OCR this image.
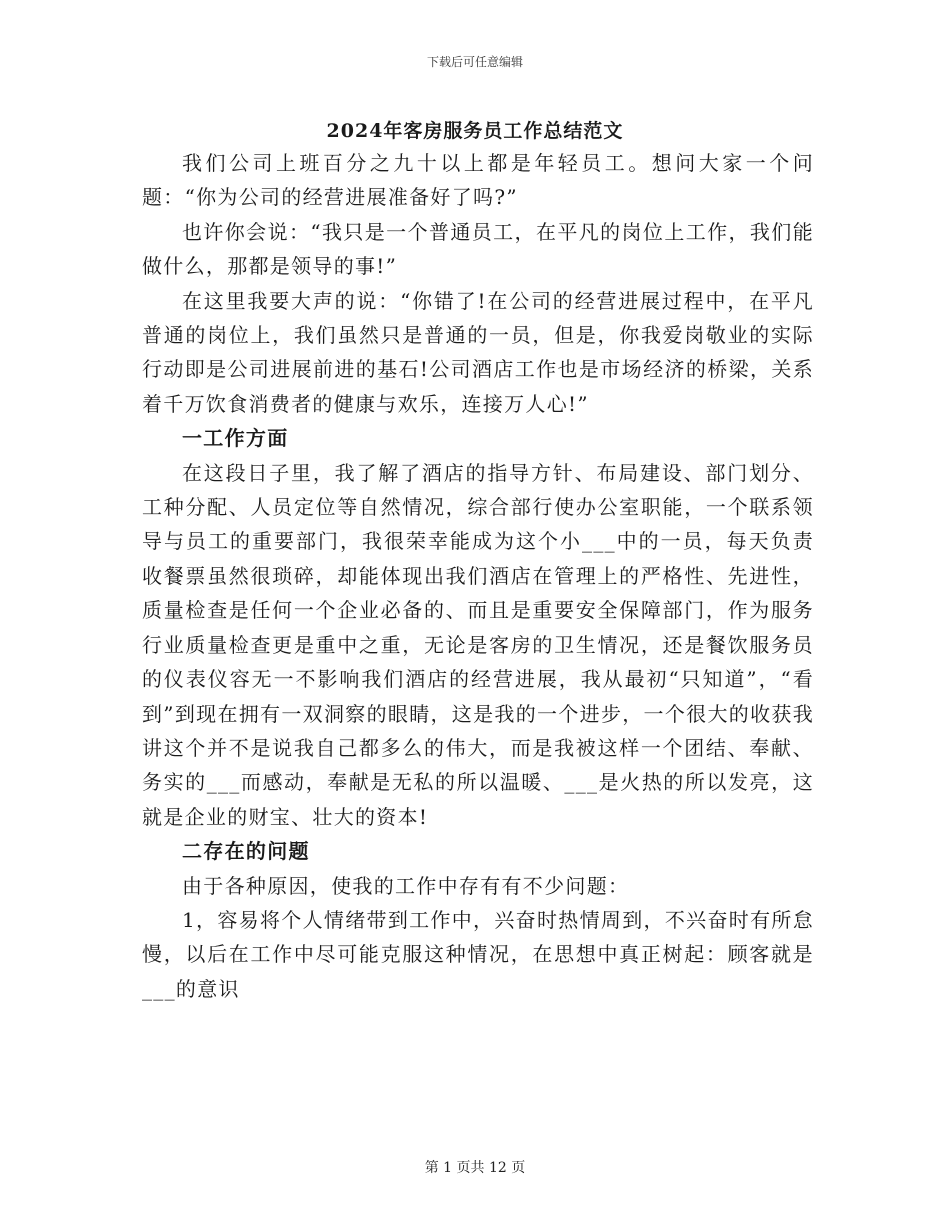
下载后可任意编辑
2024年客房服务员工作总结范文

我们公司上班百分之九十以上都是年轻员工。想问大家一个问题：“你为公司的经营进展准备好了吗?”

也许你会说：“我只是一个普通员工，在平凡的岗位上工作，我们能做什么，那都是领导的事!”

在这里我要大声的说：“你错了!在公司的经营进展过程中，在平凡普通的岗位上，我们虽然只是普通的一员，但是，你我爱岗敬业的实际行动即是公司进展前进的基石!公司酒店工作也是市场经济的桥梁，关系着千万饮食消费者的健康与欢乐，连接万人心!”

一工作方面

在这段日子里，我了解了酒店的指导方针、布局建设、部门划分、工种分配、人员定位等自然情况，综合部行使办公室职能，一个联系领导与员工的重要部门，我很荣幸能成为这个小___中的一员，每天负责收餐票虽然很琐碎，却能体现出我们酒店在管理上的严格性、先进性，质量检查是任何一个企业必备的、而且是重要安全保障部门，作为服务行业质量检查更是重中之重，无论是客房的卫生情况，还是餐饮服务员的仪表仪容无一不影响我们酒店的经营进展，我从最初“只知道”，“看到”到现在拥有一双洞察的眼睛，这是我的一个进步，一个很大的收获我讲这个并不是说我自己都多么的伟大，而是我被这样一个团结、奉献、务实的___而感动，奉献是无私的所以温暖、___是火热的所以发亮，这就是企业的财宝、壮大的资本!

二存在的问题

由于各种原因，使我的工作中存有有不少问题：

1，容易将个人情绪带到工作中，兴奋时热情周到，不兴奋时有所怠慢，以后在工作中尽可能克服这种情况，在思想中真正树起：顾客就是___的意识

第 1 页共 12 页
